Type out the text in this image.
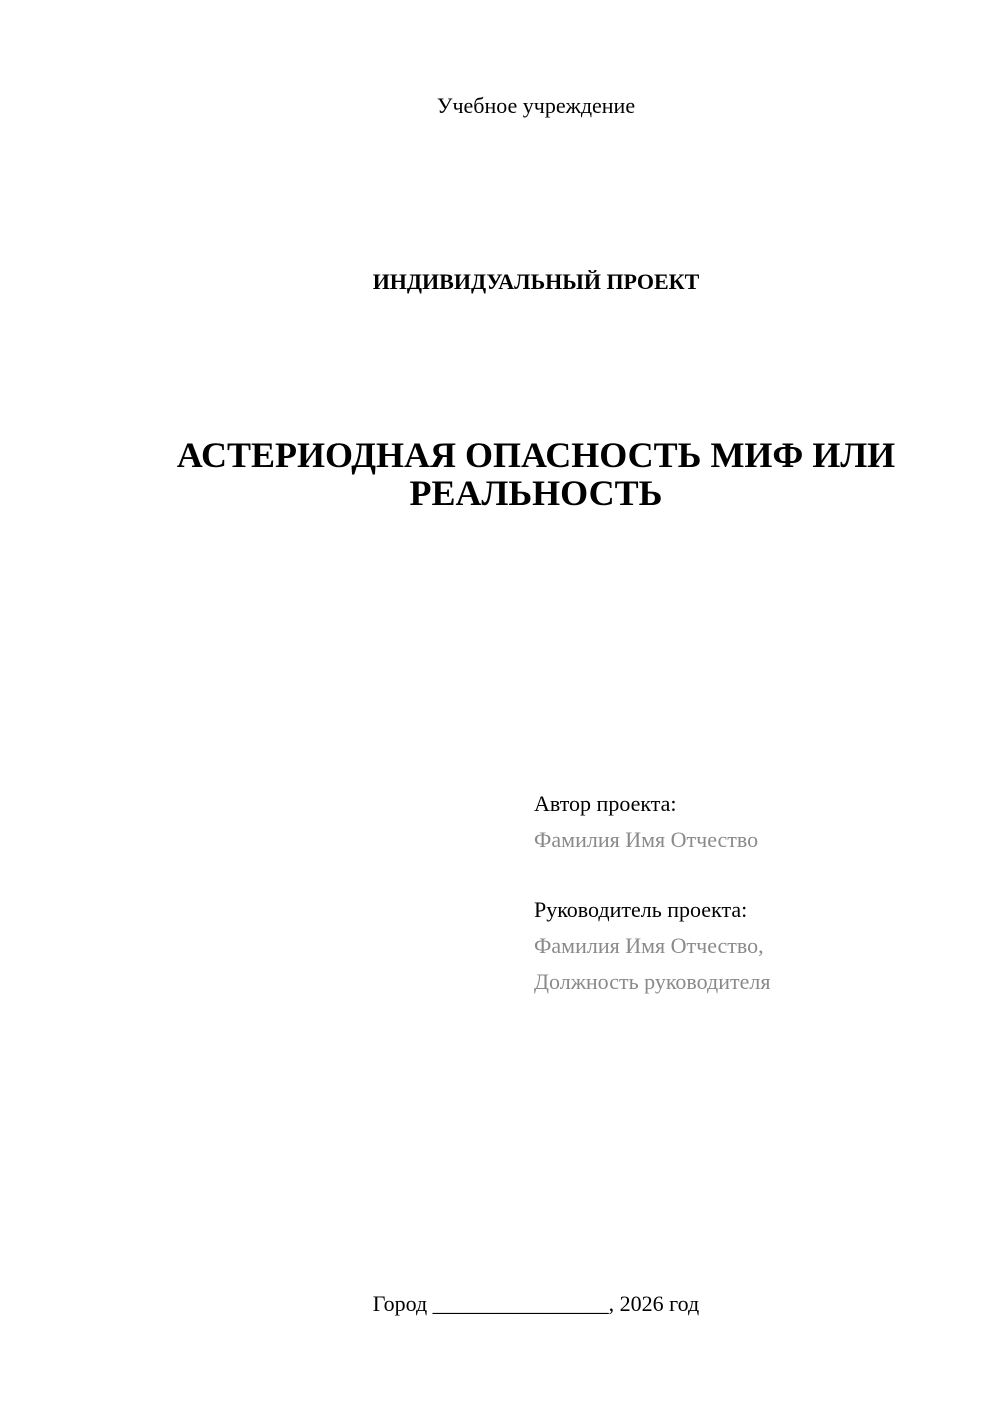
Учебное учреждение
ИНДИВИДУАЛЬНЫЙ ПРОЕКТ
АСТЕРИОДНАЯ ОПАСНОСТЬ МИФ ИЛИ
РЕАЛЬНОСТЬ
Автор проекта:
Фамилия Имя Отчество
Руководитель проекта:
Фамилия Имя Отчество,
Должность руководителя
Город ________________, 2026 год
